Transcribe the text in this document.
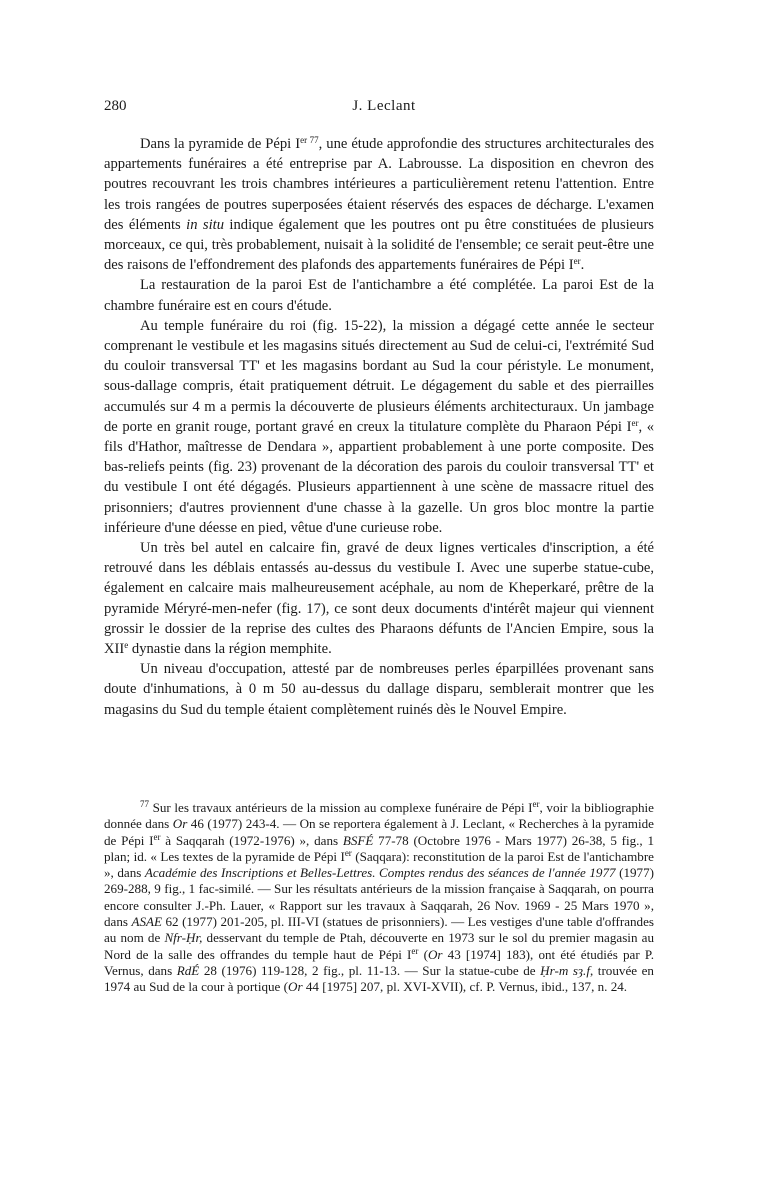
280	J. Leclant

Dans la pyramide de Pépi $I^{er 77}$, une étude approfondie des structures architecturales des appartements funéraires a été entreprise par A. Labrousse. La disposition en chevron des poutres recouvrant les trois chambres intérieures a particulièrement retenu l'attention. Entre les trois rangées de poutres superposées étaient réservés des espaces de décharge. L'examen des éléments in situ indique également que les poutres ont pu être constituées de plusieurs morceaux, ce qui, très probablement, nuisait à la solidité de l'ensemble; ce serait peut-être une des raisons de l'effondrement des plafonds des appartements funéraires de Pépi Ier.

La restauration de la paroi Est de l'antichambre a été complétée. La paroi Est de la chambre funéraire est en cours d'étude.

Au temple funéraire du roi (fig. 15-22), la mission a dégagé cette année le secteur comprenant le vestibule et les magasins situés directement au Sud de celui-ci, l'extrémité Sud du couloir transversal TT' et les magasins bordant au Sud la cour péristyle. Le monument, sous-dallage compris, était pratiquement détruit. Le dégagement du sable et des pierrailles accumulés sur 4 m a permis la découverte de plusieurs éléments architecturaux. Un jambage de porte en granit rouge, portant gravé en creux la titulature complète du Pharaon Pépi Ier, « fils d'Hathor, maîtresse de Dendara », appartient probablement à une porte composite. Des bas-reliefs peints (fig. 23) provenant de la décoration des parois du couloir transversal TT' et du vestibule I ont été dégagés. Plusieurs appartiennent à une scène de massacre rituel des prisonniers; d'autres proviennent d'une chasse à la gazelle. Un gros bloc montre la partie inférieure d'une déesse en pied, vêtue d'une curieuse robe.

Un très bel autel en calcaire fin, gravé de deux lignes verticales d'inscription, a été retrouvé dans les déblais entassés au-dessus du vestibule I. Avec une superbe statue-cube, également en calcaire mais malheureusement acéphale, au nom de Kheperkaré, prêtre de la pyramide Méryré-men-nefer (fig. 17), ce sont deux documents d'intérêt majeur qui viennent grossir le dossier de la reprise des cultes des Pharaons défunts de l'Ancien Empire, sous la XIIe dynastie dans la région memphite.

Un niveau d'occupation, attesté par de nombreuses perles éparpillées provenant sans doute d'inhumations, à 0 m 50 au-dessus du dallage disparu, semblerait montrer que les magasins du Sud du temple étaient complètement ruinés dès le Nouvel Empire.

$^{77}$ Sur les travaux antérieurs de la mission au complexe funéraire de Pépi Ier, voir la bibliographie donnée dans Or 46 (1977) 243-4. — On se reportera également à J. Leclant, « Recherches à la pyramide de Pépi Ier à Saqqarah (1972-1976) », dans BSFÉ 77-78 (Octobre 1976 - Mars 1977) 26-38, 5 fig., 1 plan; id. « Les textes de la pyramide de Pépi Ier (Saqqara): reconstitution de la paroi Est de l'antichambre », dans Académie des Inscriptions et Belles-Lettres. Comptes rendus des séances de l'année 1977 (1977) 269-288, 9 fig., 1 fac-similé. — Sur les résultats antérieurs de la mission française à Saqqarah, on pourra encore consulter J.-Ph. Lauer, « Rapport sur les travaux à Saqqarah, 26 Nov. 1969 - 25 Mars 1970 », dans ASAE 62 (1977) 201-205, pl. III-VI (statues de prisonniers). — Les vestiges d'une table d'offrandes au nom de Nfr-Ḥr, desservant du temple de Ptah, découverte en 1973 sur le sol du premier magasin au Nord de la salle des offrandes du temple haut de Pépi Ier (Or 43 [1974] 183), ont été étudiés par P. Vernus, dans RdÉ 28 (1976) 119-128, 2 fig., pl. 11-13. — Sur la statue-cube de Ḥr-m sȝ.f, trouvée en 1974 au Sud de la cour à portique (Or 44 [1975] 207, pl. XVI-XVII), cf. P. Vernus, ibid., 137, n. 24.
